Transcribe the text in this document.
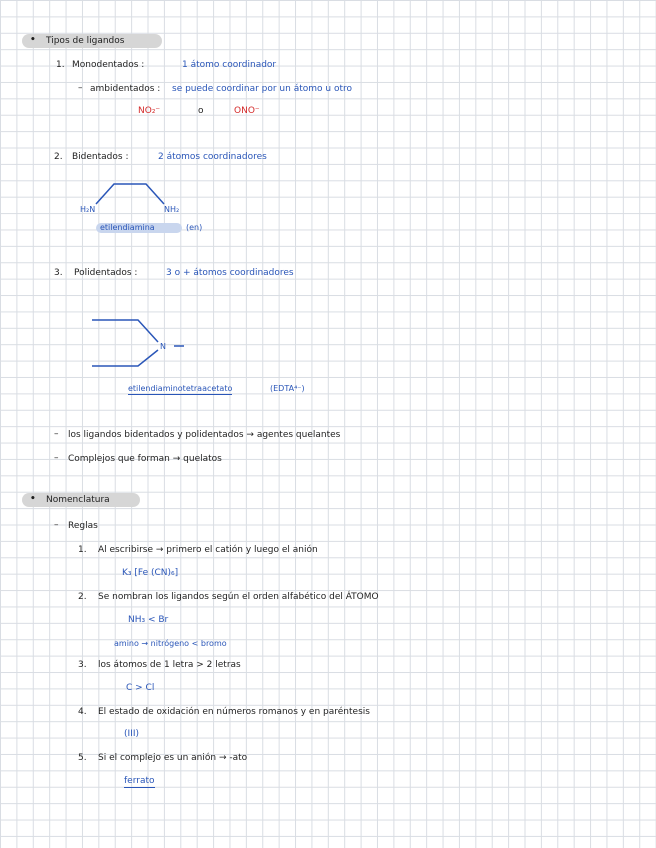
• Tipos de ligandos
1. Monodentados :	1 átomo coordinador
– ambidentados : se puede coordinar por un átomo u otro
NO₂⁻	o	ONO⁻
2. Bidentados :	2 átomos coordinadores
H₂N	NH₂
etilendiamina	(en)
3. Polidentados :	3 o + átomos coordinadores
N
etilendiaminotetraacetato	(EDTA⁴⁻)
– los ligandos bidentados y polidentados → agentes quelantes
– Complejos que forman → quelatos
• Nomenclatura
– Reglas
1. Al escribirse → primero el catión y luego el anión
K₃ [Fe (CN)₆]
2. Se nombran los ligandos según el orden alfabético del ÁTOMO
NH₃ < Br
amino → nitrógeno < bromo
3. los átomos de 1 letra > 2 letras
C > Cl
4. El estado de oxidación en números romanos y en paréntesis
(III)
5. Si el complejo es un anión → -ato
ferrato
